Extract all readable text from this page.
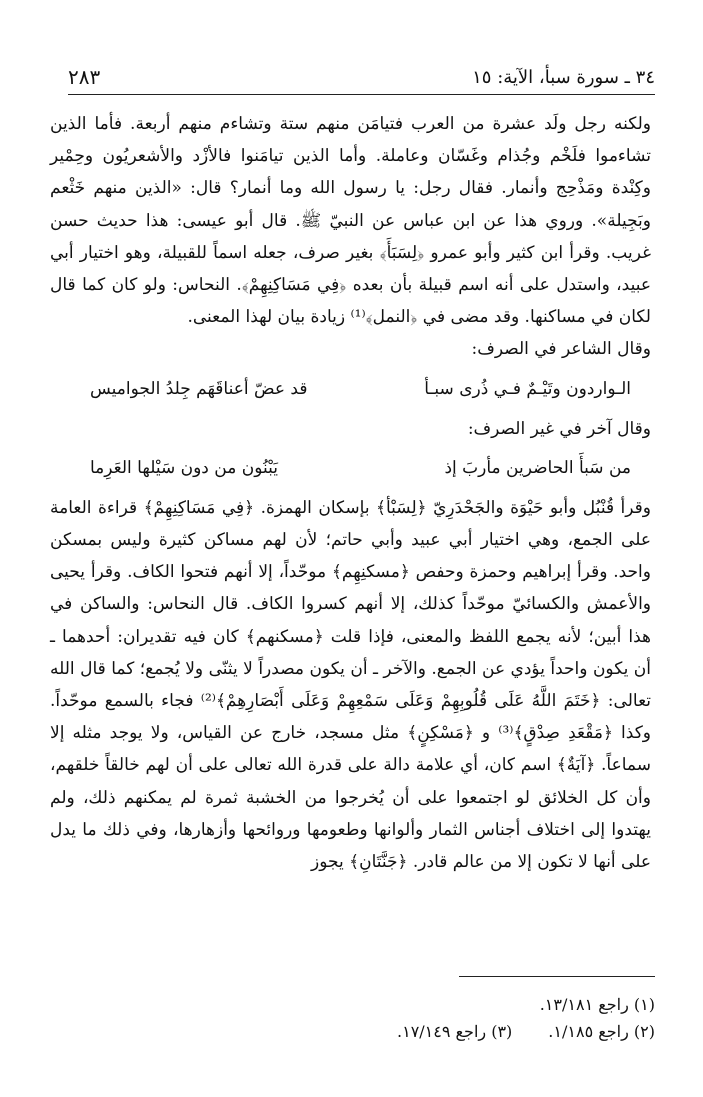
٣٤ ـ سورة سبأ، الآية: ١٥
٢٨٣

ولكنه رجل ولَد عشرة من العرب فتيامَن منهم ستة وتشاءم منهم أربعة. فأما الذين تشاءموا فلَخْم وجُذام وغَسّان وعاملة. وأما الذين تيامَنوا فالأزْد والأشعريُون وحِمْير وكِنْدة ومَذْحِج وأنمار. فقال رجل: يا رسول الله وما أنمار؟ قال: «الذين منهم خَثْعم وبَجِيلة». وروي هذا عن ابن عباس عن النبيّ ﷺ. قال أبو عيسى: هذا حديث حسن غريب. وقرأ ابن كثير وأبو عمرو ﴿لِسَبَأَ﴾ بغير صرف، جعله اسماً للقبيلة، وهو اختيار أبي عبيد، واستدل على أنه اسم قبيلة بأن بعده ﴿فِي مَسَاكِنِهِمْ﴾. النحاس: ولو كان كما قال لكان في مساكنها. وقد مضى في ﴿النمل﴾⁽¹⁾ زيادة بيان لهذا المعنى.

وقال الشاعر في الصرف:

الـواردون وتَيْـمٌ فـي ذُرى سبـأ
قد عضّ أعناقَهَم جِلدُ الجواميس

وقال آخر في غير الصرف:

من سَبأَ الحاضرين مأربَ إذ
يَبْنُون من دون سَيْلها العَرِما

وقرأ قُنْبُل وأبو حَيْوَة والجَحْدَرِيّ ﴿لِسَبْأ﴾ بإسكان الهمزة. ﴿فِي مَسَاكِنِهِمْ﴾ قراءة العامة على الجمع، وهي اختيار أبي عبيد وأبي حاتم؛ لأن لهم مساكن كثيرة وليس بمسكن واحد. وقرأ إبراهيم وحمزة وحفص ﴿مسكنِهِم﴾ موحّداً، إلا أنهم فتحوا الكاف. وقرأ يحيى والأعمش والكسائيّ موحّداً كذلك، إلا أنهم كسروا الكاف. قال النحاس: والساكن في هذا أبين؛ لأنه يجمع اللفظ والمعنى، فإذا قلت ﴿مسكنهم﴾ كان فيه تقديران: أحدهما ـ أن يكون واحداً يؤدي عن الجمع. والآخر ـ أن يكون مصدراً لا يثنّى ولا يُجمع؛ كما قال الله تعالى: ﴿خَتَمَ اللَّهُ عَلَى قُلُوبِهِمْ وَعَلَى سَمْعِهِمْ وَعَلَى أَبْصَارِهِمْ﴾⁽²⁾ فجاء بالسمع موحّداً. وكذا ﴿مَقْعَدِ صِدْقٍ﴾⁽³⁾ و ﴿مَسْكِنٍ﴾ مثل مسجد، خارج عن القياس، ولا يوجد مثله إلا سماعاً. ﴿آيَةٌ﴾ اسم كان، أي علامة دالة على قدرة الله تعالى على أن لهم خالقاً خلقهم، وأن كل الخلائق لو اجتمعوا على أن يُخرجوا من الخشبة ثمرة لم يمكنهم ذلك، ولم يهتدوا إلى اختلاف أجناس الثمار وألوانها وطعومها وروائحها وأزهارها، وفي ذلك ما يدل على أنها لا تكون إلا من عالم قادر. ﴿جَنَّتَانِ﴾ يجوز

(١) راجع ١٣/١٨١.
(٢) راجع ١/١٨٥.(٣) راجع ١٧/١٤٩.
